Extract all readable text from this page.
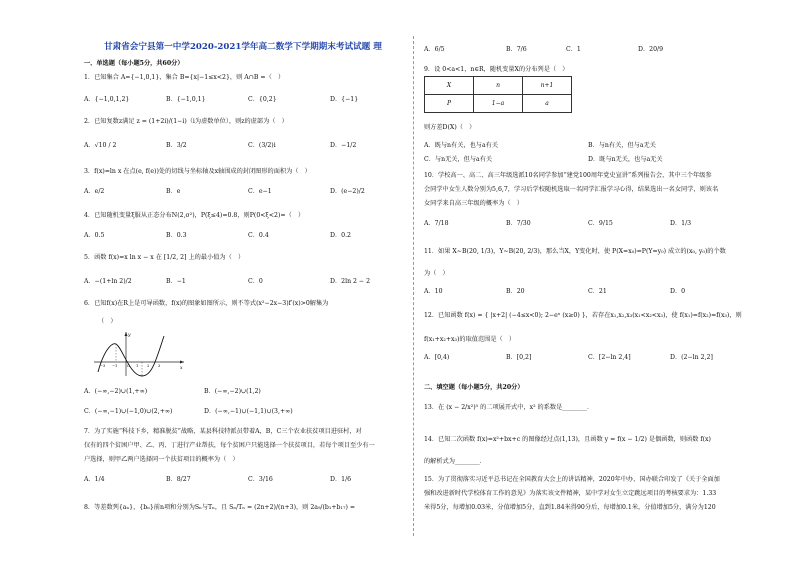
甘肃省会宁县第一中学2020-2021学年高二数学下学期期末考试试题 理
一、单选题（每小题5分，共60分）
1．已知集合 A={−1,0,1}，集合 B={x|−1≤x<2}，则 A∩B =（　）
A．{−1,0,1,2}	B．{−1,0,1}	C．{0,2}	D．{−1}
2．已知复数z满足 z = (1+2i)/(1−i)（i为虚数单位），则z的虚部为（　）
A．√10 / 2	B．3/2	C．(3/2)i	D．−1/2
3．f(x)=ln x 在点(e, f(e))处的切线与坐标轴及x轴围成的封闭图形的面积为（　）
A．e/2	B．e	C．e−1	D．(e−2)/2
4．已知随机变量ξ服从正态分布N(2,σ²)，P(ξ≤4)=0.8，则P(0<ξ<2)=（　）
A．0.5	B．0.3	C．0.4	D．0.2
5．函数 f(x)=x ln x − x 在 [1/2, 2] 上的最小值为（　）
A．−(1+ln 2)/2	B．−1	C．0	D．2ln 2 − 2
6．已知f(x)在R上是可导函数，f(x)的图象如图所示，则不等式(x²−2x−3)f′(x)>0解集为
（　）
y
x
−3 −1	O 1 2 3
A．(−∞,−2)∪(1,+∞)	B．(−∞,−2)∪(1,2)
C．(−∞,−1)∪(−1,0)∪(2,+∞)	D．(−∞,−1)∪(−1,1)∪(3,+∞)
7．为了实施“科技下乡，精准脱贫”战略，某县科技特派员带着A，B，C三个农业扶贫项目进驻村，对
仅有的四个贫困户甲、乙、丙、丁进行产业帮扶，每个贫困户只能选择一个扶贫项目，若每个项目至少有一
户选择，则甲乙两户选择同一个扶贫项目的概率为（　）
A．1/4	B．8/27	C．3/16	D．1/6
8．等差数列{aₙ}，{bₙ}前n项和分别为Sₙ与Tₙ，且 Sₙ/Tₙ = (2n+2)/(n+3)，则 2a₉/(b₁+b₁₇) =
A．6/5	B．7/6	C．1	D．20/9
9．设 0<a<1，n∈R，随机变量X的分布列是（　）
X	n	n+1
P	1−a	a
则方差D(X)（　）
A．既与n有关，也与a有关	B．与n有关，但与a无关
C．与n无关，但与a有关	D．既与n无关，也与a无关
10．学校高一、高二、高三年级选派10名同学参加“建党100周年党史宣讲”系列报告会，其中三个年级参
会同学中女生人数分别为5,6,7，学习后学校随机选取一名同学汇报学习心得，结果选出一名女同学，则该名
女同学来自高三年级的概率为（　）
A．7/18	B．7/30	C．9/15	D．1/3
11．如果 X~B(20, 1/3)，Y~B(20, 2/3)，那么当X，Y变化时，使 P(X=x₀)=P(Y=y₀) 成立的(x₀, y₀)的个数
为（　）
A．10	B．20	C．21	D．0
12．已知函数 f(x) = { |x+2| (−4≤x<0); 2−eˣ (x≥0) }，若存在x₁,x₂,x₃(x₁<x₂<x₃)，使 f(x₁)=f(x₂)=f(x₃)，则
f(x₁+x₂+x₃)的取值范围是（　）
A．[0,4)	B．[0,2]	C．[2−ln 2,4]	D．(2−ln 2,2]
二、填空题（每小题5分，共20分）
13．在 (x − 2/x²)⁵ 的二项展开式中，x² 的系数是________．
14．已知二次函数 f(x)=x²+bx+c 的图像经过点(1,13)，且函数 y = f(x − 1/2) 是偶函数，则函数 f(x)
的解析式为________．
15．为了贯彻落实习近平总书记在全国教育大会上的讲话精神，2020年中办、国办联合印发了《关于全面加
强和改进新时代学校体育工作的意见》为落实该文件精神，某中学对女生立定跳远项目的考核要求为：1.33
米得5分，每增加0.03米，分值增加5分，直到1.84米得90分后，每增加0.1米，分值增加5分，满分为120
